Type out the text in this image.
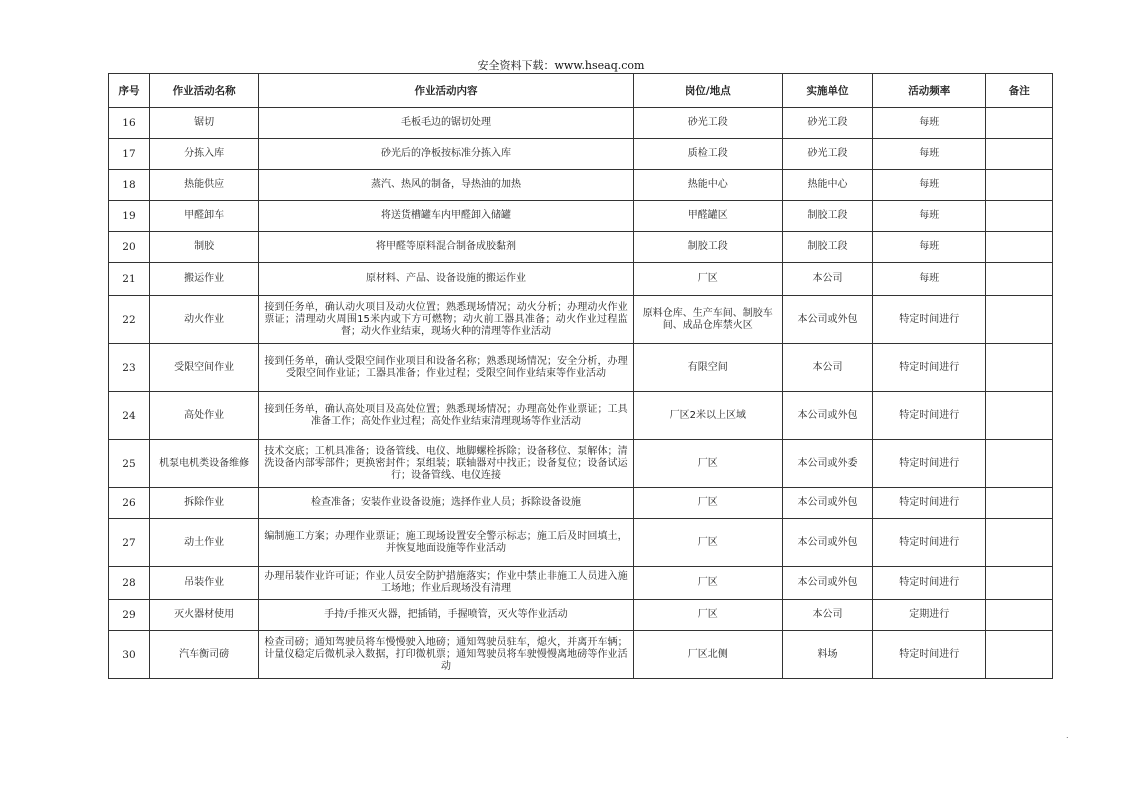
安全资料下载：www.hseaq.com
序号	作业活动名称	作业活动内容	岗位/地点	实施单位	活动频率	备注
16	锯切	毛板毛边的锯切处理	砂光工段	砂光工段	每班	
17	分拣入库	砂光后的净板按标准分拣入库	质检工段	砂光工段	每班	
18	热能供应	蒸汽、热风的制备，导热油的加热	热能中心	热能中心	每班	
19	甲醛卸车	将送货槽罐车内甲醛卸入储罐	甲醛罐区	制胶工段	每班	
20	制胶	将甲醛等原料混合制备成胶黏剂	制胶工段	制胶工段	每班	
21	搬运作业	原材料、产品、设备设施的搬运作业	厂区	本公司	每班	
22	动火作业	接到任务单，确认动火项目及动火位置；熟悉现场情况；动火分析；办理动火作业票证；清理动火周围15米内或下方可燃物；动火前工器具准备；动火作业过程监督；动火作业结束，现场火种的清理等作业活动	原料仓库、生产车间、制胶车间、成品仓库禁火区	本公司或外包	特定时间进行	
23	受限空间作业	接到任务单，确认受限空间作业项目和设备名称；熟悉现场情况；安全分析，办理受限空间作业证；工器具准备；作业过程；受限空间作业结束等作业活动	有限空间	本公司	特定时间进行	
24	高处作业	接到任务单，确认高处项目及高处位置；熟悉现场情况；办理高处作业票证；工具准备工作；高处作业过程；高处作业结束清理现场等作业活动	厂区2米以上区域	本公司或外包	特定时间进行	
25	机泵电机类设备维修	技术交底；工机具准备；设备管线、电仪、地脚螺栓拆除；设备移位、泵解体；清洗设备内部零部件；更换密封件；泵组装；联轴器对中找正；设备复位；设备试运行；设备管线、电仪连接	厂区	本公司或外委	特定时间进行	
26	拆除作业	检查准备；安装作业设备设施；选择作业人员；拆除设备设施	厂区	本公司或外包	特定时间进行	
27	动土作业	编制施工方案；办理作业票证；施工现场设置安全警示标志；施工后及时回填土，并恢复地面设施等作业活动	厂区	本公司或外包	特定时间进行	
28	吊装作业	办理吊装作业许可证；作业人员安全防护措施落实；作业中禁止非施工人员进入施工场地；作业后现场没有清理	厂区	本公司或外包	特定时间进行	
29	灭火器材使用	手持/手推灭火器，把插销，手握喷管，灭火等作业活动	厂区	本公司	定期进行	
30	汽车衡司磅	检查司磅；通知驾驶员将车慢慢驶入地磅；通知驾驶员驻车，熄火，并离开车辆；计量仪稳定后微机录入数据，打印微机票；通知驾驶员将车驶慢慢离地磅等作业活动	厂区北侧	料场	特定时间进行	
.
